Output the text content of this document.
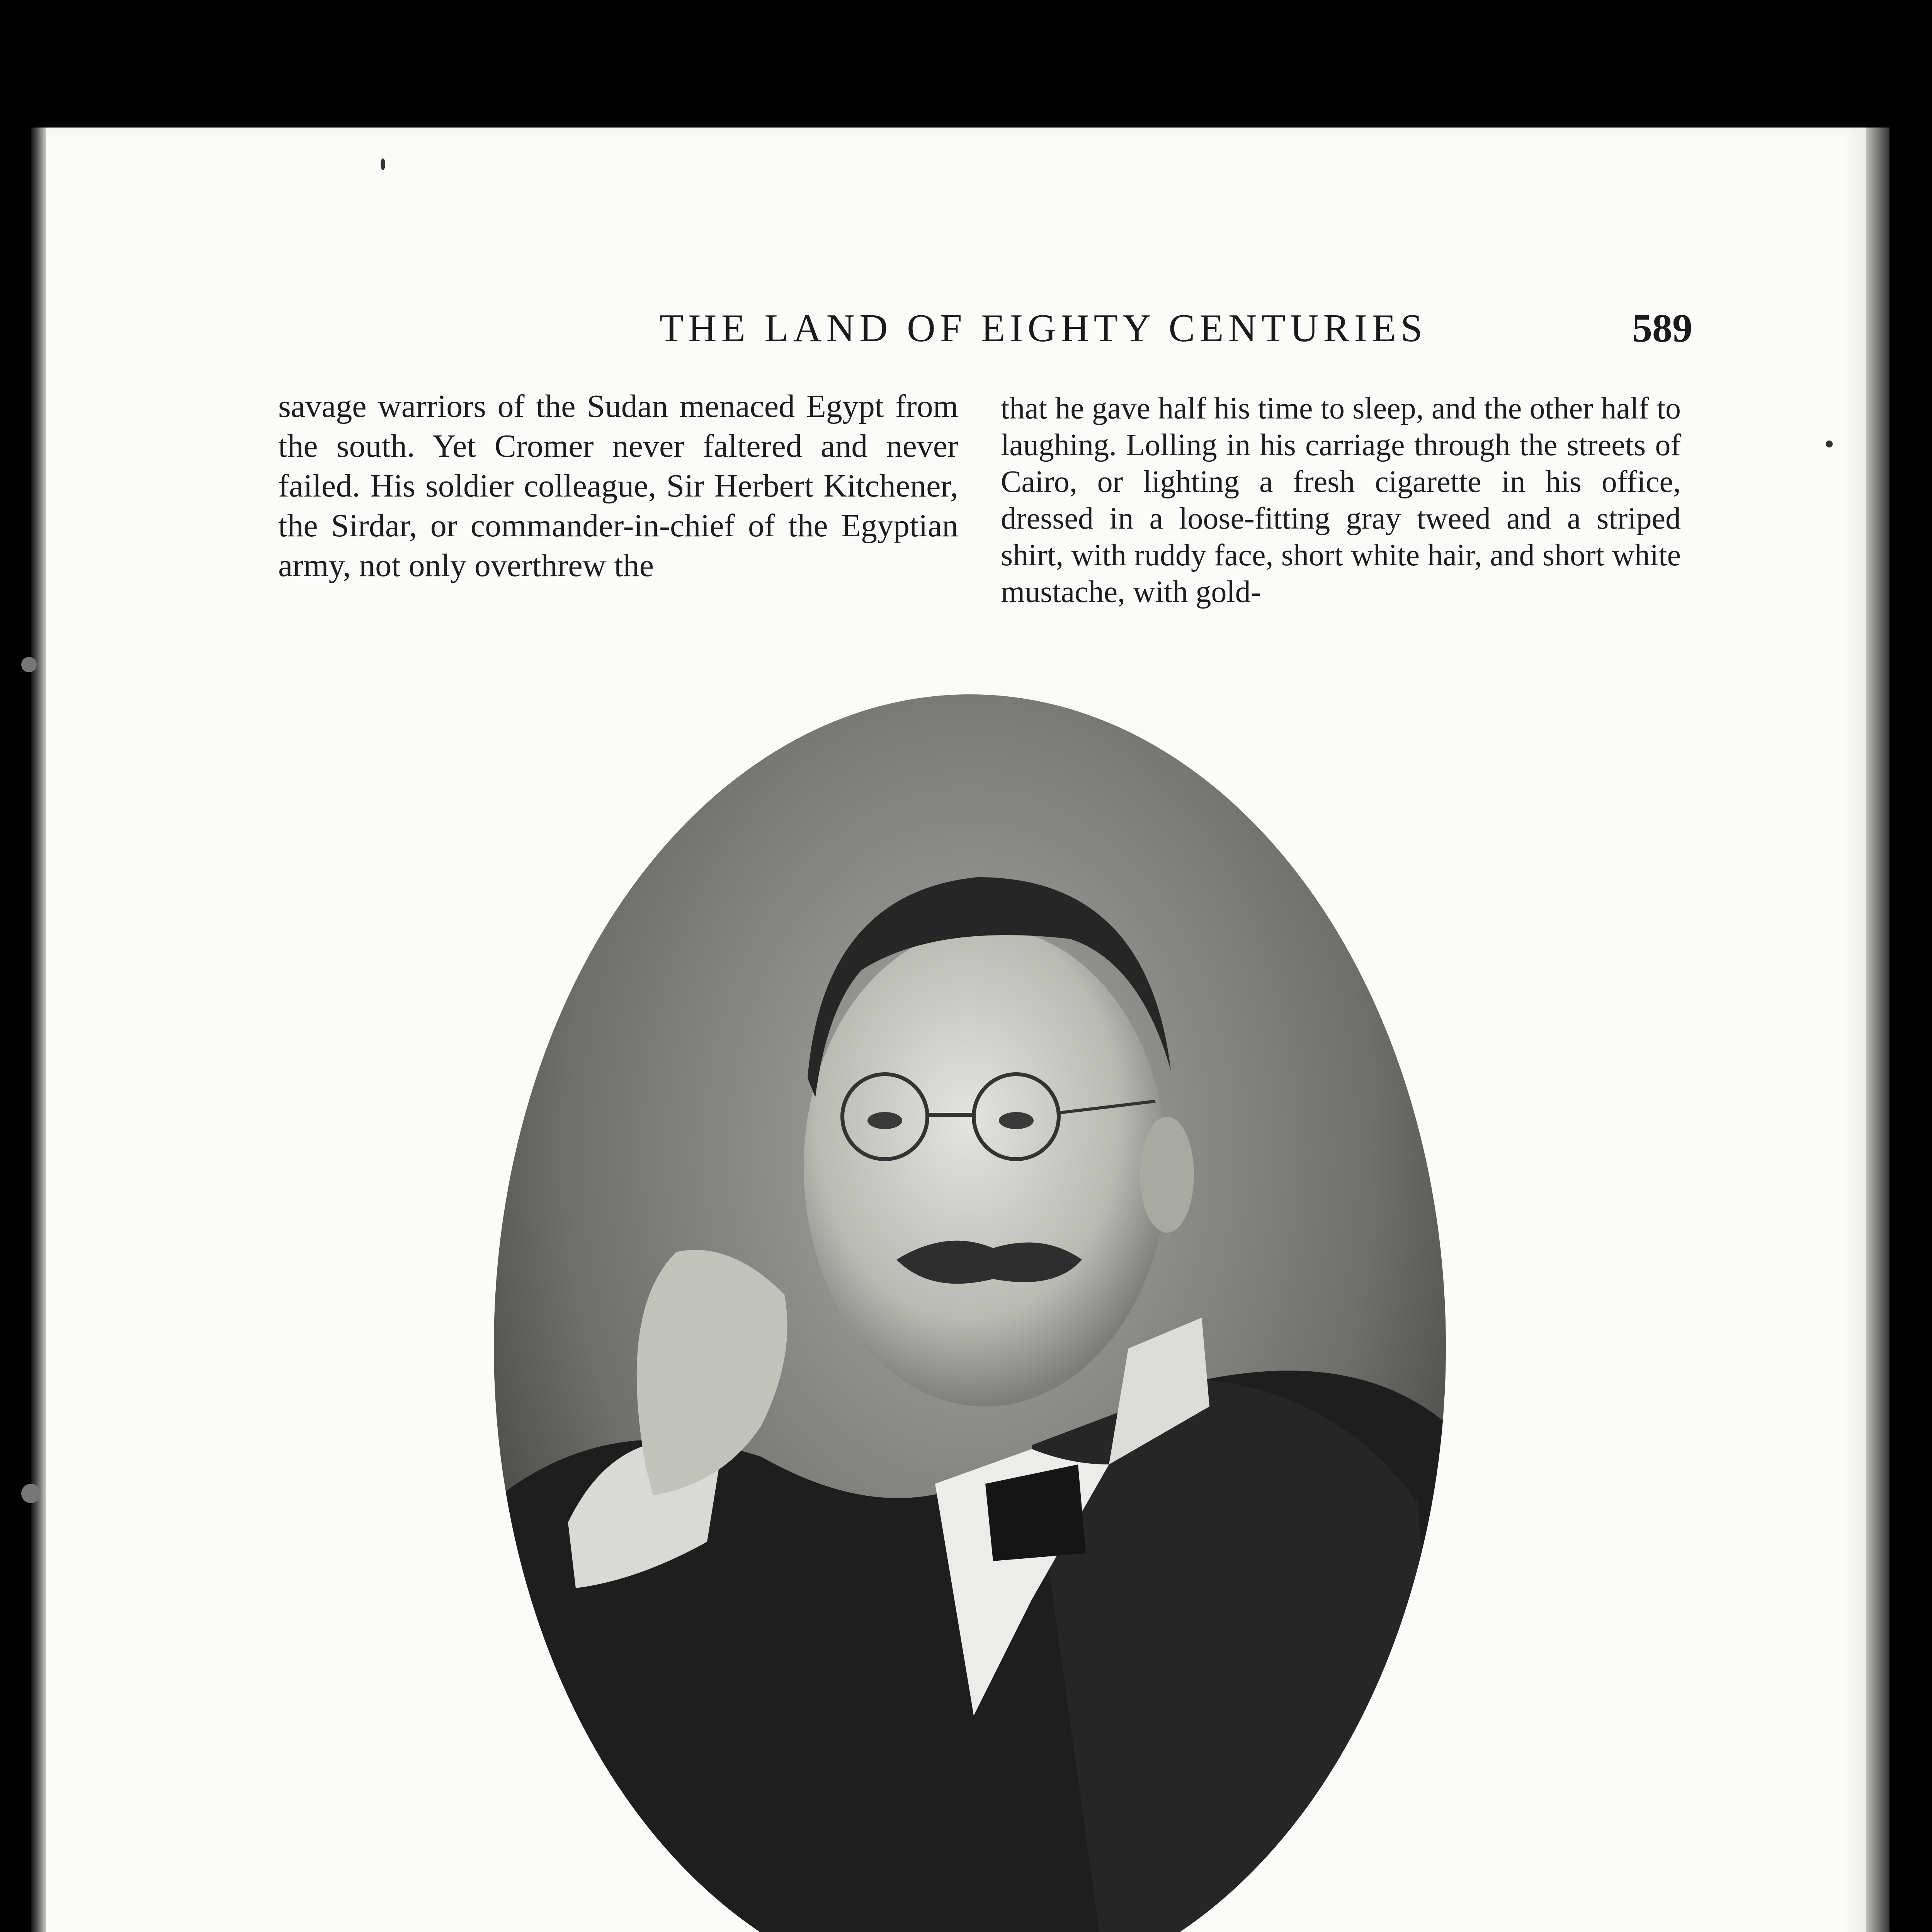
THE LAND OF EIGHTY CENTURIES	589

savage warriors of the Sudan menaced Egypt from the south. Yet Cromer never faltered and never failed. His soldier colleague, Sir Herbert Kitchener, the Sirdar, or commander-in-chief of the Egyptian army, not only overthrew the

that he gave half his time to sleep, and the other half to laughing. Lolling in his carriage through the streets of Cairo, or lighting a fresh cigarette in his office, dressed in a loose-fitting gray tweed and a striped shirt, with ruddy face, short white hair, and short white mustache, with gold-
